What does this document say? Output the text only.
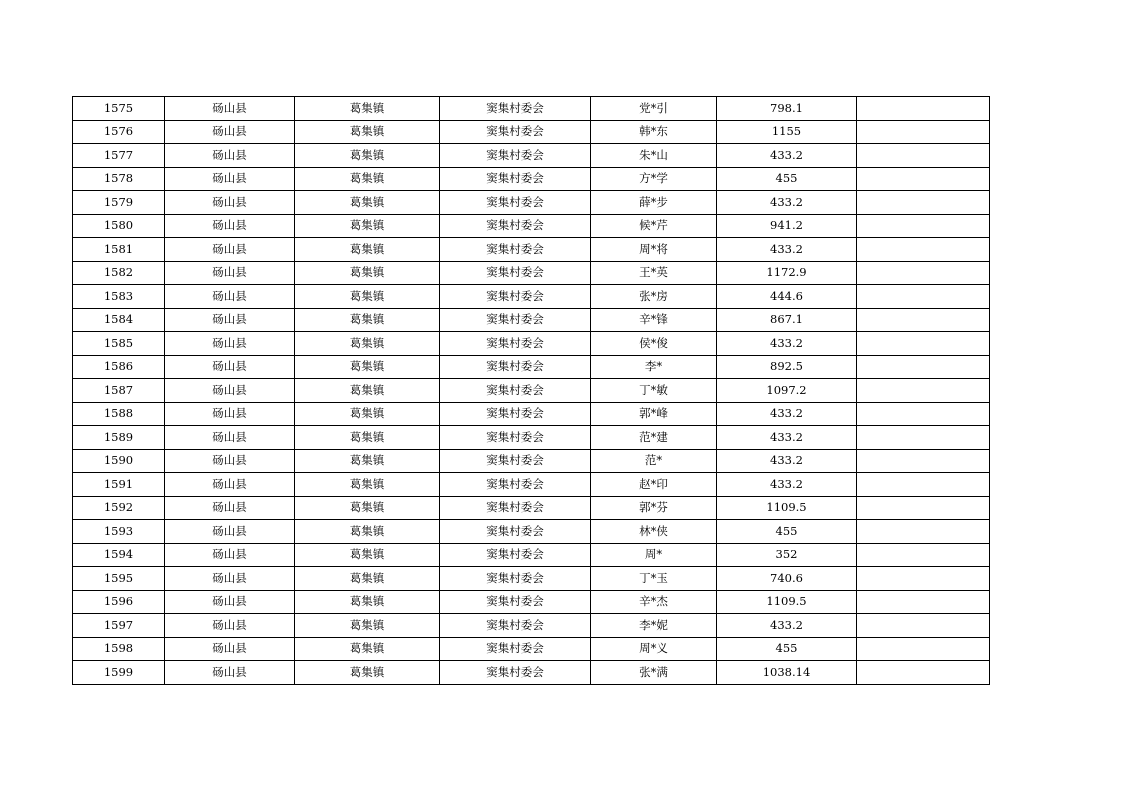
1575	砀山县	葛集镇	窦集村委会	党*引	798.1	
1576	砀山县	葛集镇	窦集村委会	韩*东	1155	
1577	砀山县	葛集镇	窦集村委会	朱*山	433.2	
1578	砀山县	葛集镇	窦集村委会	方*学	455	
1579	砀山县	葛集镇	窦集村委会	薛*步	433.2	
1580	砀山县	葛集镇	窦集村委会	候*芹	941.2	
1581	砀山县	葛集镇	窦集村委会	周*将	433.2	
1582	砀山县	葛集镇	窦集村委会	王*英	1172.9	
1583	砀山县	葛集镇	窦集村委会	张*房	444.6	
1584	砀山县	葛集镇	窦集村委会	辛*锋	867.1	
1585	砀山县	葛集镇	窦集村委会	侯*俊	433.2	
1586	砀山县	葛集镇	窦集村委会	李*	892.5	
1587	砀山县	葛集镇	窦集村委会	丁*敏	1097.2	
1588	砀山县	葛集镇	窦集村委会	郭*峰	433.2	
1589	砀山县	葛集镇	窦集村委会	范*建	433.2	
1590	砀山县	葛集镇	窦集村委会	范*	433.2	
1591	砀山县	葛集镇	窦集村委会	赵*印	433.2	
1592	砀山县	葛集镇	窦集村委会	郭*芬	1109.5	
1593	砀山县	葛集镇	窦集村委会	林*侠	455	
1594	砀山县	葛集镇	窦集村委会	周*	352	
1595	砀山县	葛集镇	窦集村委会	丁*玉	740.6	
1596	砀山县	葛集镇	窦集村委会	辛*杰	1109.5	
1597	砀山县	葛集镇	窦集村委会	李*妮	433.2	
1598	砀山县	葛集镇	窦集村委会	周*义	455	
1599	砀山县	葛集镇	窦集村委会	张*满	1038.14	
